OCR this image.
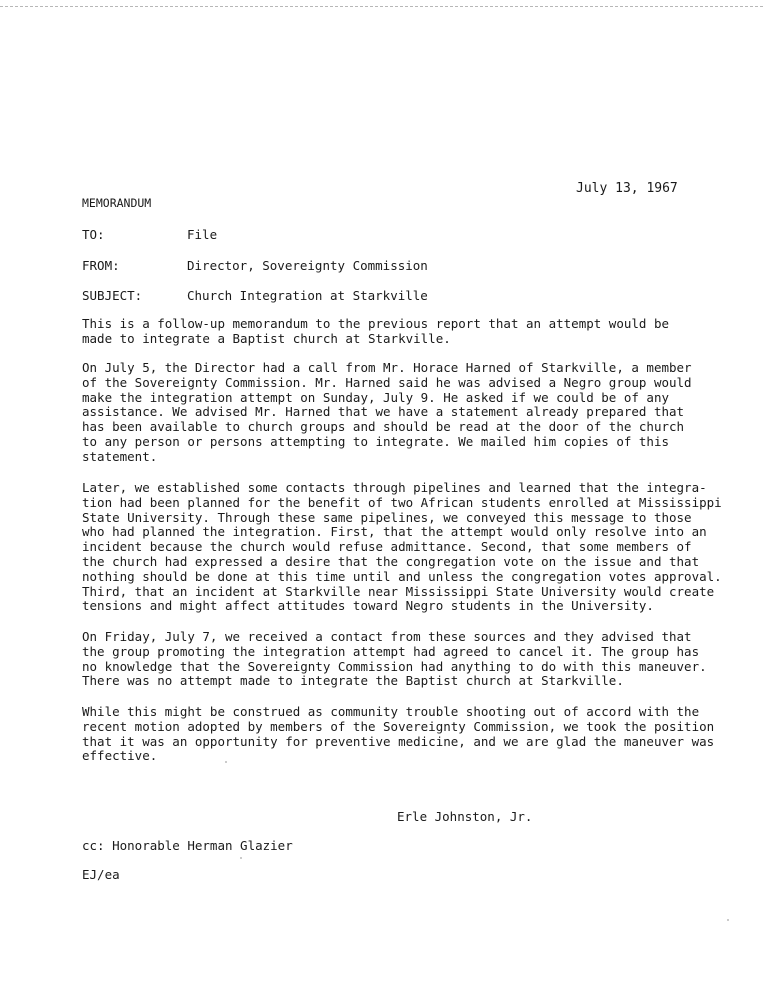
July 13, 1967
MEMORANDUM
TO:	File
FROM:	Director, Sovereignty Commission
SUBJECT:	Church Integration at Starkville
This is a follow-up memorandum to the previous report that an attempt would be
made to integrate a Baptist church at Starkville.
On July 5, the Director had a call from Mr. Horace Harned of Starkville, a member
of the Sovereignty Commission. Mr. Harned said he was advised a Negro group would
make the integration attempt on Sunday, July 9. He asked if we could be of any
assistance. We advised Mr. Harned that we have a statement already prepared that
has been available to church groups and should be read at the door of the church
to any person or persons attempting to integrate. We mailed him copies of this
statement.
Later, we established some contacts through pipelines and learned that the integra-
tion had been planned for the benefit of two African students enrolled at Mississippi
State University. Through these same pipelines, we conveyed this message to those
who had planned the integration. First, that the attempt would only resolve into an
incident because the church would refuse admittance. Second, that some members of
the church had expressed a desire that the congregation vote on the issue and that
nothing should be done at this time until and unless the congregation votes approval.
Third, that an incident at Starkville near Mississippi State University would create
tensions and might affect attitudes toward Negro students in the University.
On Friday, July 7, we received a contact from these sources and they advised that
the group promoting the integration attempt had agreed to cancel it. The group has
no knowledge that the Sovereignty Commission had anything to do with this maneuver.
There was no attempt made to integrate the Baptist church at Starkville.
While this might be construed as community trouble shooting out of accord with the
recent motion adopted by members of the Sovereignty Commission, we took the position
that it was an opportunity for preventive medicine, and we are glad the maneuver was
effective.
Erle Johnston, Jr.
cc: Honorable Herman Glazier
EJ/ea
